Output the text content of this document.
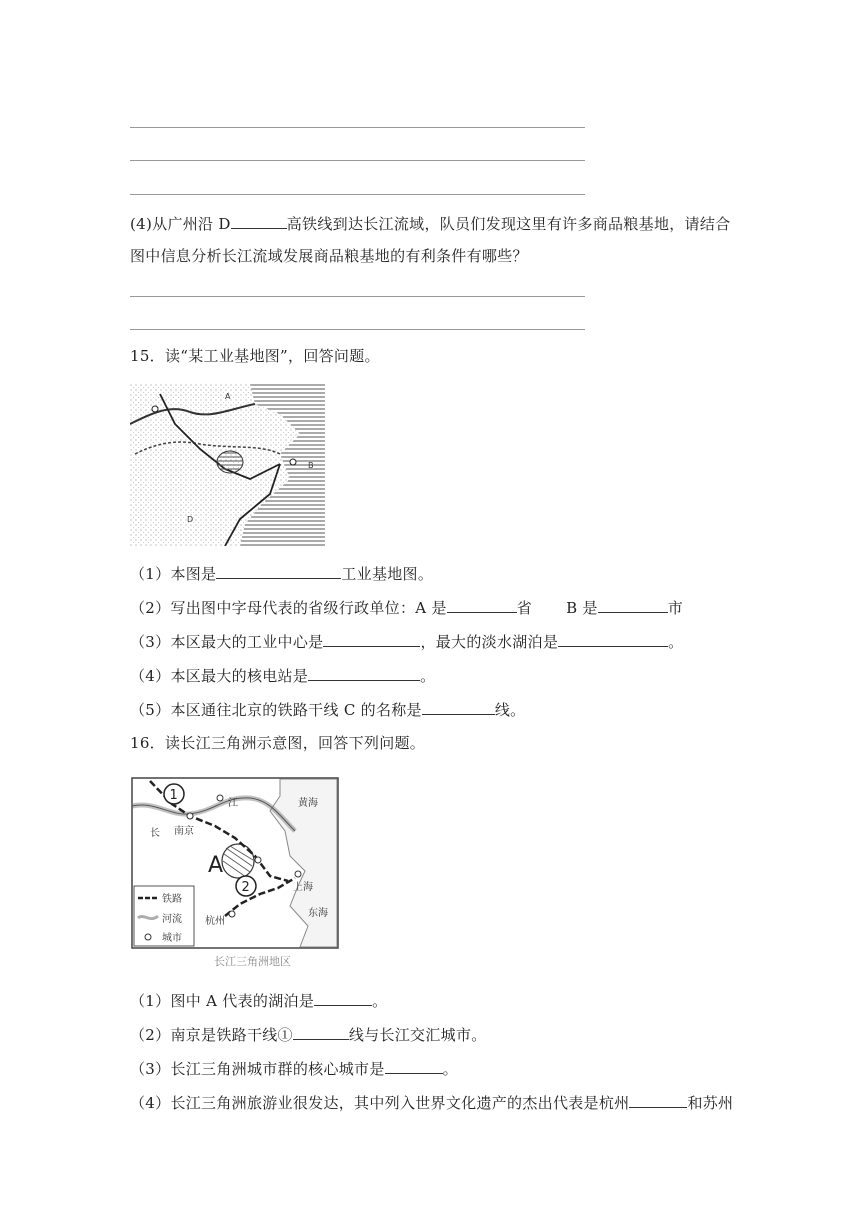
(4)从广州沿 D	高铁线到达长江流域，队员们发现这里有许多商品粮基地，请结合
图中信息分析长江流域发展商品粮基地的有利条件有哪些？
15．读“某工业基地图”，回答问题。
A
B
D
（1）本图是	工业基地图。
（2）写出图中字母代表的省级行政单位：A 是	省 B 是	市
（3）本区最大的工业中心是	，最大的淡水湖泊是	。
（4）本区最大的核电站是	。
（5）本区通往北京的铁路干线 C 的名称是	线。
16．读长江三角洲示意图，回答下列问题。
1
2
A
江
长
黄海
南京
上海
东海
杭州
铁路
河流
城市
长江三角洲地区
（1）图中 A 代表的湖泊是	。
（2）南京是铁路干线①	线与长江交汇城市。
（3）长江三角洲城市群的核心城市是	。
（4）长江三角洲旅游业很发达，其中列入世界文化遗产的杰出代表是杭州	和苏州
